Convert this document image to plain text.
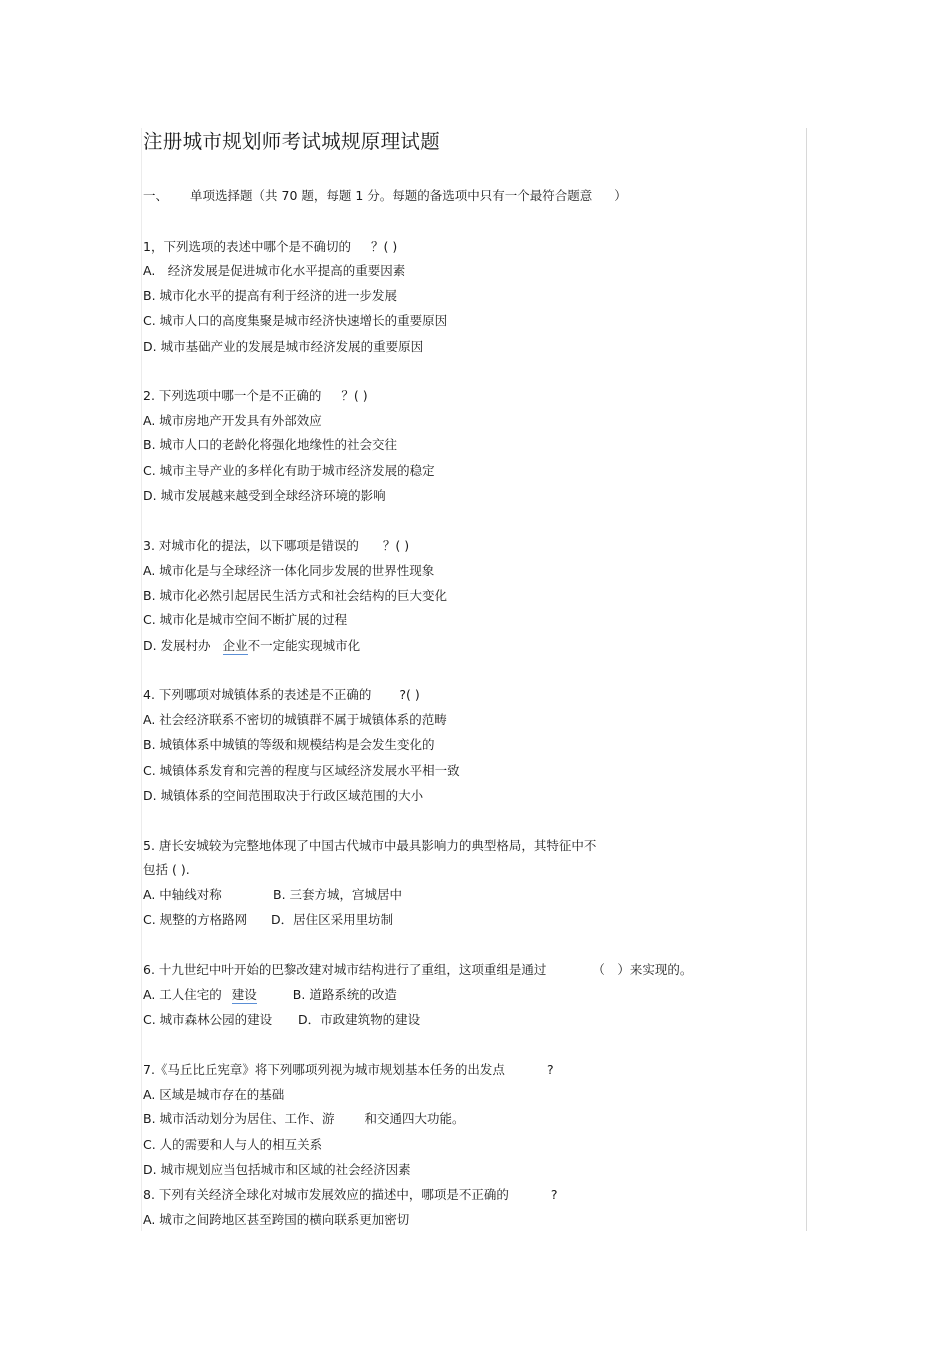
注册城市规划师考试城规原理试题
一、 单项选择题（共 70 题，每题 1 分。每题的备选项中只有一个最符合题意 ）
1，下列选项的表述中哪个是不确切的 ？( )
A.　经济发展是促进城市化水平提高的重要因素
B. 城市化水平的提高有利于经济的进一步发展
C. 城市人口的高度集聚是城市经济快速增长的重要原因
D. 城市基础产业的发展是城市经济发展的重要原因
2. 下列选项中哪一个是不正确的 ？( )
A. 城市房地产开发具有外部效应
B. 城市人口的老龄化将强化地缘性的社会交往
C. 城市主导产业的多样化有助于城市经济发展的稳定
D. 城市发展越来越受到全球经济环境的影响
3. 对城市化的提法，以下哪项是错误的 ？( )
A. 城市化是与全球经济一体化同步发展的世界性现象
B. 城市化必然引起居民生活方式和社会结构的巨大变化
C. 城市化是城市空间不断扩展的过程
D. 发展村办 企业不一定能实现城市化
4. 下列哪项对城镇体系的表述是不正确的 ?( )
A. 社会经济联系不密切的城镇群不属于城镇体系的范畴
B. 城镇体系中城镇的等级和规模结构是会发生变化的
C. 城镇体系发育和完善的程度与区域经济发展水平相一致
D. 城镇体系的空间范围取决于行政区域范围的大小
5. 唐长安城较为完整地体现了中国古代城市中最具影响力的典型格局，其特征中不
包括 ( ).
A. 中轴线对称	B. 三套方城，宫城居中
C. 规整的方格路网 D．居住区采用里坊制
6. 十九世纪中叶开始的巴黎改建对城市结构进行了重组，这项重组是通过	（　）来实现的。
A. 工人住宅的 建设	B. 道路系统的改造
C. 城市森林公园的建设 D．市政建筑物的建设
7.《马丘比丘宪章》将下列哪项列视为城市规划基本任务的出发点	?
A. 区域是城市存在的基础
B. 城市活动划分为居住、工作、游 和交通四大功能。
C. 人的需要和人与人的相互关系
D. 城市规划应当包括城市和区域的社会经济因素
8. 下列有关经济全球化对城市发展效应的描述中，哪项是不正确的	?
A. 城市之间跨地区甚至跨国的横向联系更加密切
